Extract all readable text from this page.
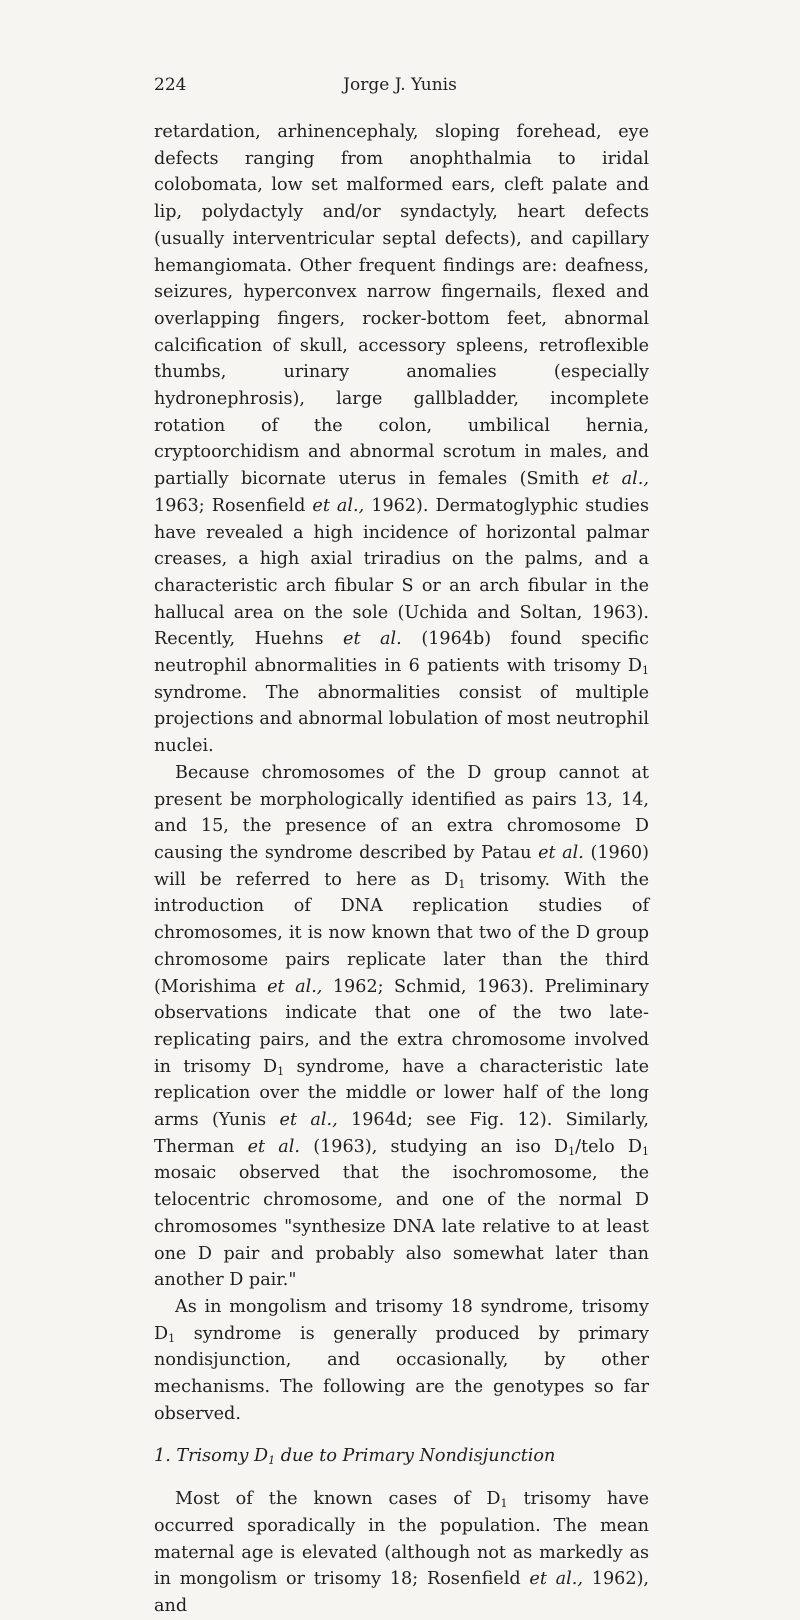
224	Jorge J. Yunis

retardation, arhinencephaly, sloping forehead, eye defects ranging from anophthalmia to iridal colobomata, low set malformed ears, cleft palate and lip, polydactyly and/or syndactyly, heart defects (usually interventricular septal defects), and capillary hemangiomata. Other frequent findings are: deafness, seizures, hyperconvex narrow fingernails, flexed and overlapping fingers, rocker-bottom feet, abnormal calcification of skull, accessory spleens, retroflexible thumbs, urinary anomalies (especially hydronephrosis), large gallbladder, incomplete rotation of the colon, umbilical hernia, cryptoorchidism and abnormal scrotum in males, and partially bicornate uterus in females (Smith et al., 1963; Rosenfield et al., 1962). Dermatoglyphic studies have revealed a high incidence of horizontal palmar creases, a high axial triradius on the palms, and a characteristic arch fibular S or an arch fibular in the hallucal area on the sole (Uchida and Soltan, 1963). Recently, Huehns et al. (1964b) found specific neutrophil abnormalities in 6 patients with trisomy $D_1$ syndrome. The abnormalities consist of multiple projections and abnormal lobulation of most neutrophil nuclei.

Because chromosomes of the D group cannot at present be morphologically identified as pairs 13, 14, and 15, the presence of an extra chromosome D causing the syndrome described by Patau et al. (1960) will be referred to here as $D_1$ trisomy. With the introduction of DNA replication studies of chromosomes, it is now known that two of the D group chromosome pairs replicate later than the third (Morishima et al., 1962; Schmid, 1963). Preliminary observations indicate that one of the two late-replicating pairs, and the extra chromosome involved in trisomy $D_1$ syndrome, have a characteristic late replication over the middle or lower half of the long arms (Yunis et al., 1964d; see Fig. 12). Similarly, Therman et al. (1963), studying an iso $D_1$/telo $D_1$ mosaic observed that the isochromosome, the telocentric chromosome, and one of the normal D chromosomes "synthesize DNA late relative to at least one D pair and probably also somewhat later than another D pair."

As in mongolism and trisomy 18 syndrome, trisomy $D_1$ syndrome is generally produced by primary nondisjunction, and occasionally, by other mechanisms. The following are the genotypes so far observed.

1. Trisomy $D_1$ due to Primary Nondisjunction

Most of the known cases of $D_1$ trisomy have occurred sporadically in the population. The mean maternal age is elevated (although not as markedly as in mongolism or trisomy 18; Rosenfield et al., 1962), and
